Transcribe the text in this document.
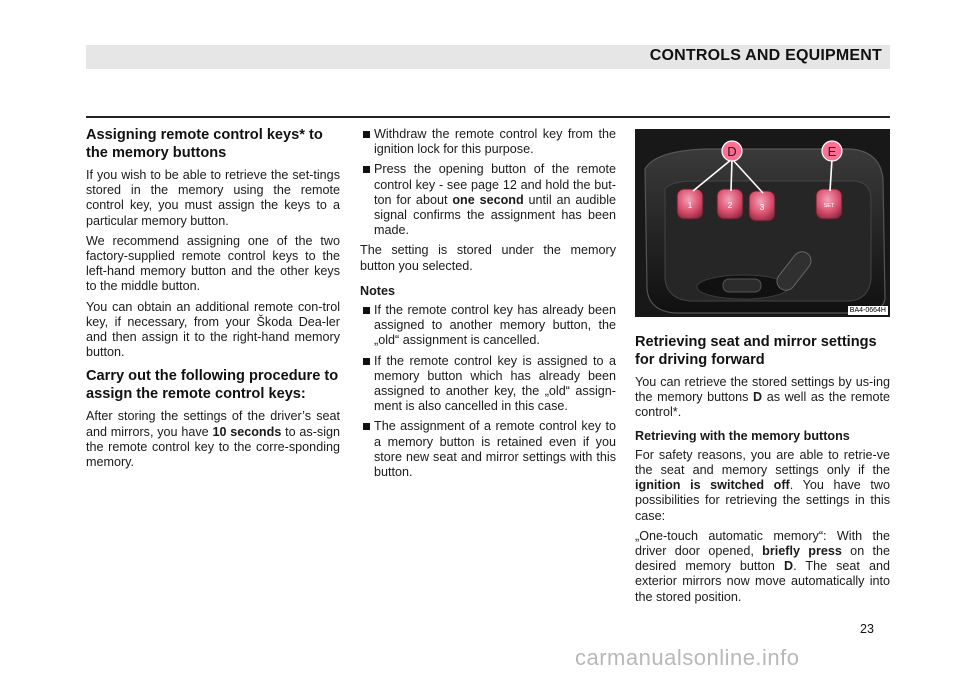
CONTROLS AND EQUIPMENT
Assigning remote control keys* to the memory buttons

If you wish to be able to retrieve the set-tings stored in the memory using the remote control key, you must assign the keys to a particular memory button.

We recommend assigning one of the two factory-supplied remote control keys to the left-hand memory button and the other keys to the middle button.

You can obtain an additional remote con-trol key, if necessary, from your Škoda Dea-ler and then assign it to the right-hand memory button.

Carry out the following procedure to assign the remote control keys:

After storing the settings of the driver’s seat and mirrors, you have 10 seconds to as-sign the remote control key to the corre-sponding memory.

Withdraw the remote control key from the ignition lock for this purpose.

Press the opening button of the remote control key - see page 12 and hold the but-ton for about one second until an audible signal confirms the assignment has been made.

The setting is stored under the memory button you selected.

Notes

If the remote control key has already been assigned to another memory button, the „old“ assignment is cancelled.

If the remote control key is assigned to a memory button which has already been assigned to another key, the „old“ assign-ment is also cancelled in this case.

The assignment of a remote control key to a memory button is retained even if you store new seat and mirror settings with this button.

1	2	3	SET
D	E
BA4-0664H
Retrieving seat and mirror settings for driving forward

You can retrieve the stored settings by us-ing the memory buttons D as well as the remote control*.

Retrieving with the memory buttons

For safety reasons, you are able to retrie-ve the seat and memory settings only if the ignition is switched off. You have two possibilities for retrieving the settings in this case:

„One-touch automatic memory“: With the driver door opened, briefly press on the desired memory button D. The seat and exterior mirrors now move automatically into the stored position.

23
carmanualsonline.info
